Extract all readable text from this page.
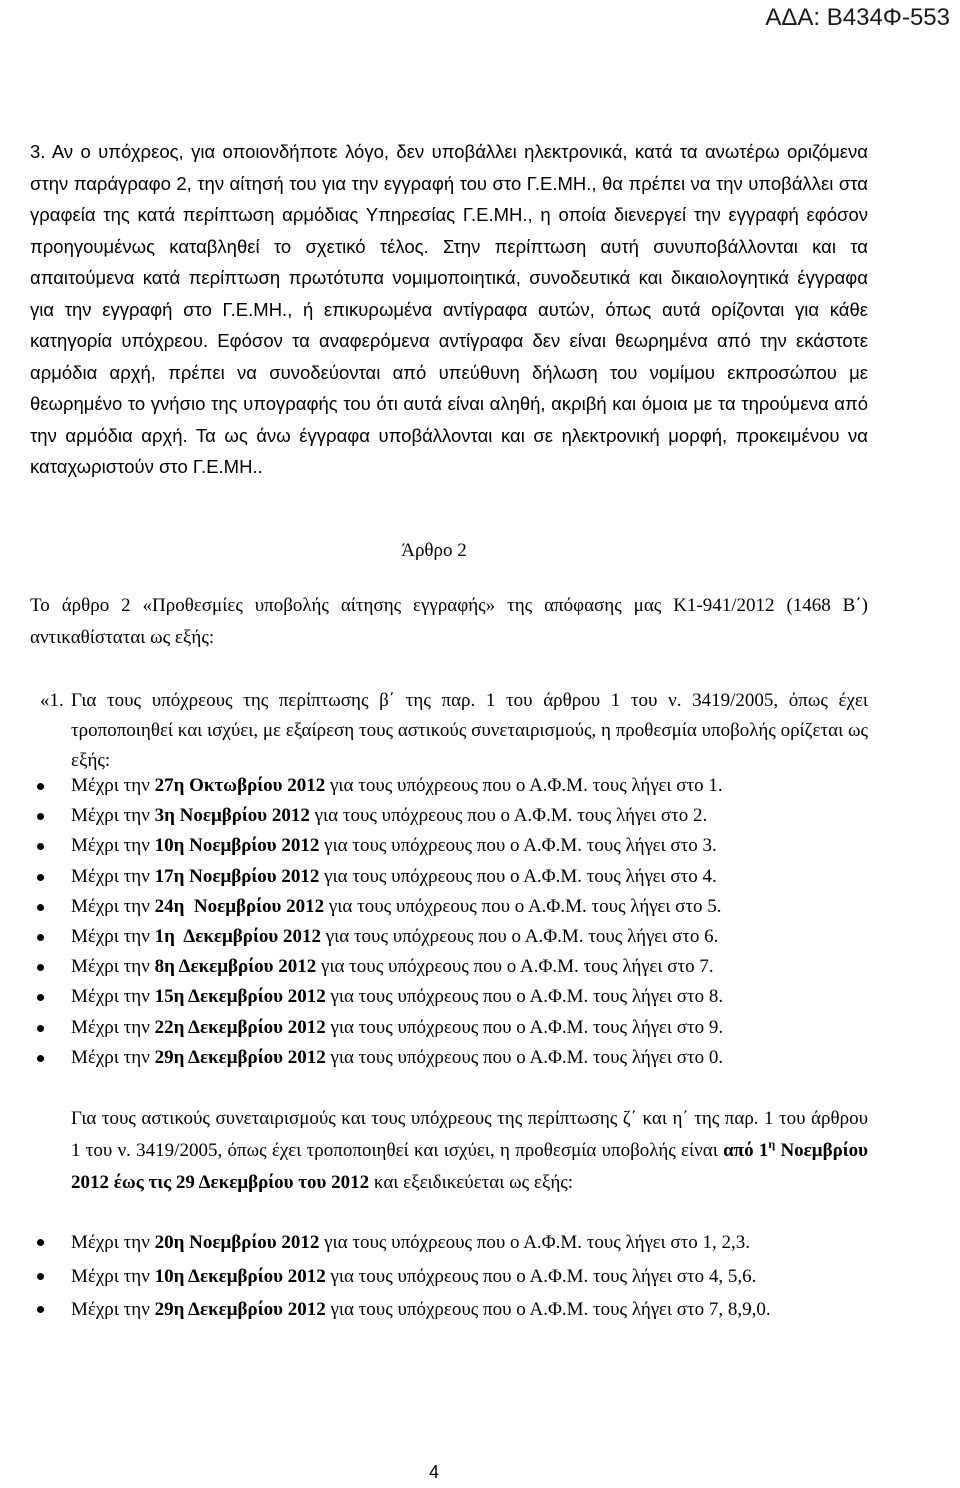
ΑΔΑ: Β434Φ-553
3. Αν ο υπόχρεος, για οποιονδήποτε λόγο, δεν υποβάλλει ηλεκτρονικά, κατά τα ανωτέρω οριζόμενα στην παράγραφο 2, την αίτησή του για την εγγραφή του στο Γ.Ε.ΜΗ., θα πρέπει να την υποβάλλει στα γραφεία της κατά περίπτωση αρμόδιας Υπηρεσίας Γ.Ε.ΜΗ., η οποία διενεργεί την εγγραφή εφόσον προηγουμένως καταβληθεί το σχετικό τέλος. Στην περίπτωση αυτή συνυποβάλλονται και τα απαιτούμενα κατά περίπτωση πρωτότυπα νομιμοποιητικά, συνοδευτικά και δικαιολογητικά έγγραφα για την εγγραφή στο Γ.Ε.ΜΗ., ή επικυρωμένα αντίγραφα αυτών, όπως αυτά ορίζονται για κάθε κατηγορία υπόχρεου. Εφόσον τα αναφερόμενα αντίγραφα δεν είναι θεωρημένα από την εκάστοτε αρμόδια αρχή, πρέπει να συνοδεύονται από υπεύθυνη δήλωση του νομίμου εκπροσώπου με θεωρημένο το γνήσιο της υπογραφής του ότι αυτά είναι αληθή, ακριβή και όμοια με τα τηρούμενα από την αρμόδια αρχή. Τα ως άνω έγγραφα υποβάλλονται και σε ηλεκτρονική μορφή, προκειμένου να καταχωριστούν στο Γ.Ε.ΜΗ..
Άρθρο 2
Το άρθρο 2 «Προθεσμίες υποβολής αίτησης εγγραφής» της απόφασης μας Κ1-941/2012 (1468 Β΄) αντικαθίσταται ως εξής:
«1. Για τους υπόχρεους της περίπτωσης β΄ της παρ. 1 του άρθρου 1 του ν. 3419/2005, όπως έχει τροποποιηθεί και ισχύει, με εξαίρεση τους αστικούς συνεταιρισμούς, η προθεσμία υποβολής ορίζεται ως εξής:
Μέχρι την 27η Οκτωβρίου 2012 για τους υπόχρεους που ο Α.Φ.Μ. τους λήγει στο 1.
Μέχρι την 3η Νοεμβρίου 2012 για τους υπόχρεους που ο Α.Φ.Μ. τους λήγει στο 2.
Μέχρι την 10η Νοεμβρίου 2012 για τους υπόχρεους που ο Α.Φ.Μ. τους λήγει στο 3.
Μέχρι την 17η Νοεμβρίου 2012 για τους υπόχρεους που ο Α.Φ.Μ. τους λήγει στο 4.
Μέχρι την 24η  Νοεμβρίου 2012 για τους υπόχρεους που ο Α.Φ.Μ. τους λήγει στο 5.
Μέχρι την 1η  Δεκεμβρίου 2012 για τους υπόχρεους που ο Α.Φ.Μ. τους λήγει στο 6.
Μέχρι την 8η Δεκεμβρίου 2012 για τους υπόχρεους που ο Α.Φ.Μ. τους λήγει στο 7.
Μέχρι την 15η Δεκεμβρίου 2012 για τους υπόχρεους που ο Α.Φ.Μ. τους λήγει στο 8.
Μέχρι την 22η Δεκεμβρίου 2012 για τους υπόχρεους που ο Α.Φ.Μ. τους λήγει στο 9.
Μέχρι την 29η Δεκεμβρίου 2012 για τους υπόχρεους που ο Α.Φ.Μ. τους λήγει στο 0.
Για τους αστικούς συνεταιρισμούς και τους υπόχρεους της περίπτωσης ζ΄ και η΄ της παρ. 1 του άρθρου 1 του ν. 3419/2005, όπως έχει τροποποιηθεί και ισχύει, η προθεσμία υποβολής είναι από $1^\eta$ Νοεμβρίου 2012 έως τις 29 Δεκεμβρίου του 2012 και εξειδικεύεται ως εξής:
Μέχρι την 20η Νοεμβρίου 2012 για τους υπόχρεους που ο Α.Φ.Μ. τους λήγει στο 1, 2,3.
Μέχρι την 10η Δεκεμβρίου 2012 για τους υπόχρεους που ο Α.Φ.Μ. τους λήγει στο 4, 5,6.
Μέχρι την 29η Δεκεμβρίου 2012 για τους υπόχρεους που ο Α.Φ.Μ. τους λήγει στο 7, 8,9,0.
4
